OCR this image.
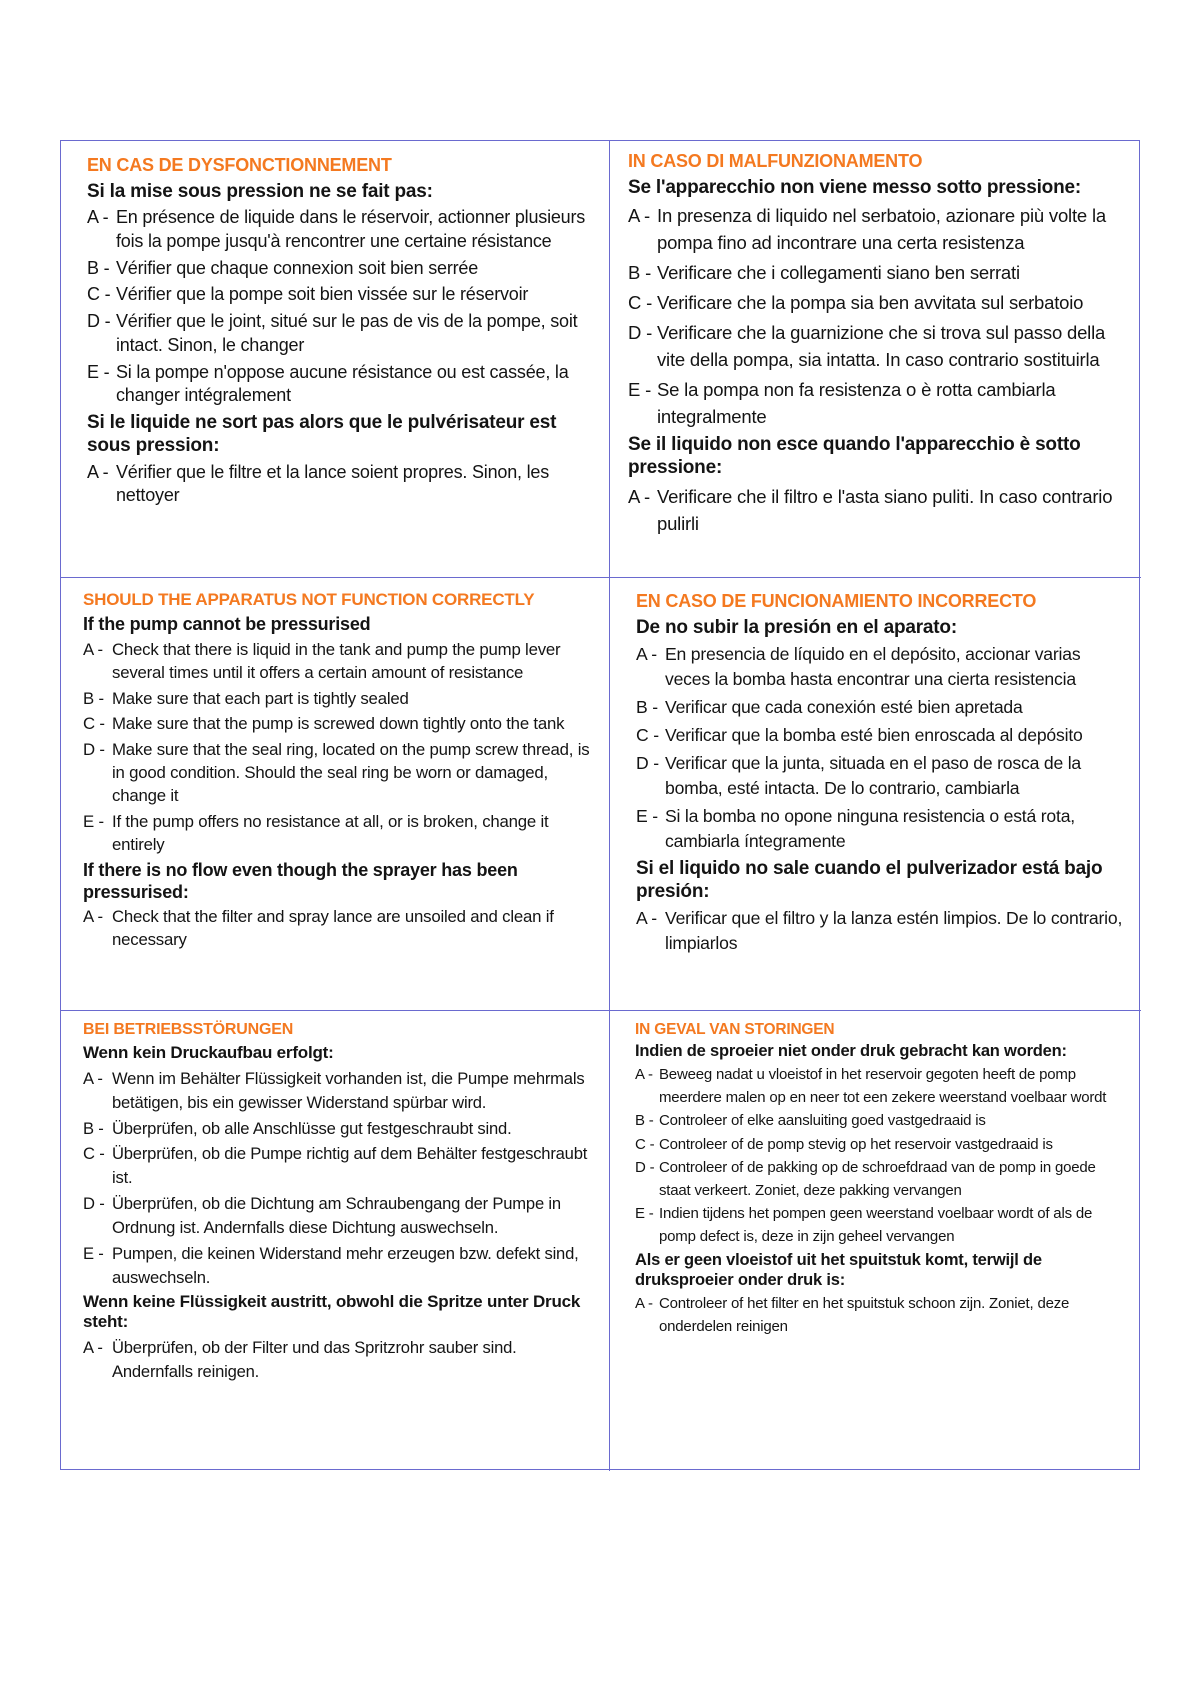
EN CAS DE DYSFONCTIONNEMENT
Si la mise sous pression ne se fait pas:
A - En présence de liquide dans le réservoir, actionner plusieurs fois la pompe jusqu'à rencontrer une certaine résistance
B - Vérifier que chaque connexion soit bien serrée
C - Vérifier que la pompe soit bien vissée sur le réservoir
D - Vérifier que le joint, situé sur le pas de vis de la pompe, soit intact. Sinon, le changer
E - Si la pompe n'oppose aucune résistance ou est cassée, la changer intégralement
Si le liquide ne sort pas alors que le pulvérisateur est sous pression:
A - Vérifier que le filtre et la lance soient propres. Sinon, les nettoyer
IN CASO DI MALFUNZIONAMENTO
Se l'apparecchio non viene messo sotto pressione:
A - In presenza di liquido nel serbatoio, azionare più volte la pompa fino ad incontrare una certa resistenza
B - Verificare che i collegamenti siano ben serrati
C - Verificare che la pompa sia ben avvitata sul serbatoio
D - Verificare che la guarnizione che si trova sul passo della vite della pompa, sia intatta. In caso contrario sostituirla
E - Se la pompa non fa resistenza o è rotta cambiarla integralmente
Se il liquido non esce quando l'apparecchio è sotto pressione:
A - Verificare che il filtro e l'asta siano puliti. In caso contrario pulirli
SHOULD THE APPARATUS NOT FUNCTION CORRECTLY
If the pump cannot be pressurised
A - Check that there is liquid in the tank and pump the pump lever several times until it offers a certain amount of resistance
B - Make sure that each part is tightly sealed
C - Make sure that the pump is screwed down tightly onto the tank
D - Make sure that the seal ring, located on the pump screw thread, is in good condition. Should the seal ring be worn or damaged, change it
E - If the pump offers no resistance at all, or is broken, change it entirely
If there is no flow even though the sprayer has been pressurised:
A - Check that the filter and spray lance are unsoiled and clean if necessary
EN CASO DE FUNCIONAMIENTO INCORRECTO
De no subir la presión en el aparato:
A - En presencia de líquido en el depósito, accionar varias veces la bomba hasta encontrar una cierta resistencia
B - Verificar que cada conexión esté bien apretada
C - Verificar que la bomba esté bien enroscada al depósito
D - Verificar que la junta, situada en el paso de rosca de la bomba, esté intacta. De lo contrario, cambiarla
E - Si la bomba no opone ninguna resistencia o está rota, cambiarla íntegramente
Si el liquido no sale cuando el pulverizador está bajo presión:
A - Verificar que el filtro y la lanza estén limpios. De lo contrario, limpiarlos
BEI BETRIEBSSTÖRUNGEN
Wenn kein Druckaufbau erfolgt:
A - Wenn im Behälter Flüssigkeit vorhanden ist, die Pumpe mehrmals betätigen, bis ein gewisser Widerstand spürbar wird.
B - Überprüfen, ob alle Anschlüsse gut festgeschraubt sind.
C - Überprüfen, ob die Pumpe richtig auf dem Behälter festgeschraubt ist.
D - Überprüfen, ob die Dichtung am Schraubengang der Pumpe in Ordnung ist. Andernfalls diese Dichtung auswechseln.
E - Pumpen, die keinen Widerstand mehr erzeugen bzw. defekt sind, auswechseln.
Wenn keine Flüssigkeit austritt, obwohl die Spritze unter Druck steht:
A - Überprüfen, ob der Filter und das Spritzrohr sauber sind. Andernfalls reinigen.
IN GEVAL VAN STORINGEN
Indien de sproeier niet onder druk gebracht kan worden:
A - Beweeg nadat u vloeistof in het reservoir gegoten heeft de pomp meerdere malen op en neer tot een zekere weerstand voelbaar wordt
B - Controleer of elke aansluiting goed vastgedraaid is
C - Controleer of de pomp stevig op het reservoir vastgedraaid is
D - Controleer of de pakking op de schroefdraad van de pomp in goede staat verkeert. Zoniet, deze pakking vervangen
E - Indien tijdens het pompen geen weerstand voelbaar wordt of als de pomp defect is, deze in zijn geheel vervangen
Als er geen vloeistof uit het spuitstuk komt, terwijl de druksproeier onder druk is:
A - Controleer of het filter en het spuitstuk schoon zijn. Zoniet, deze onderdelen reinigen
